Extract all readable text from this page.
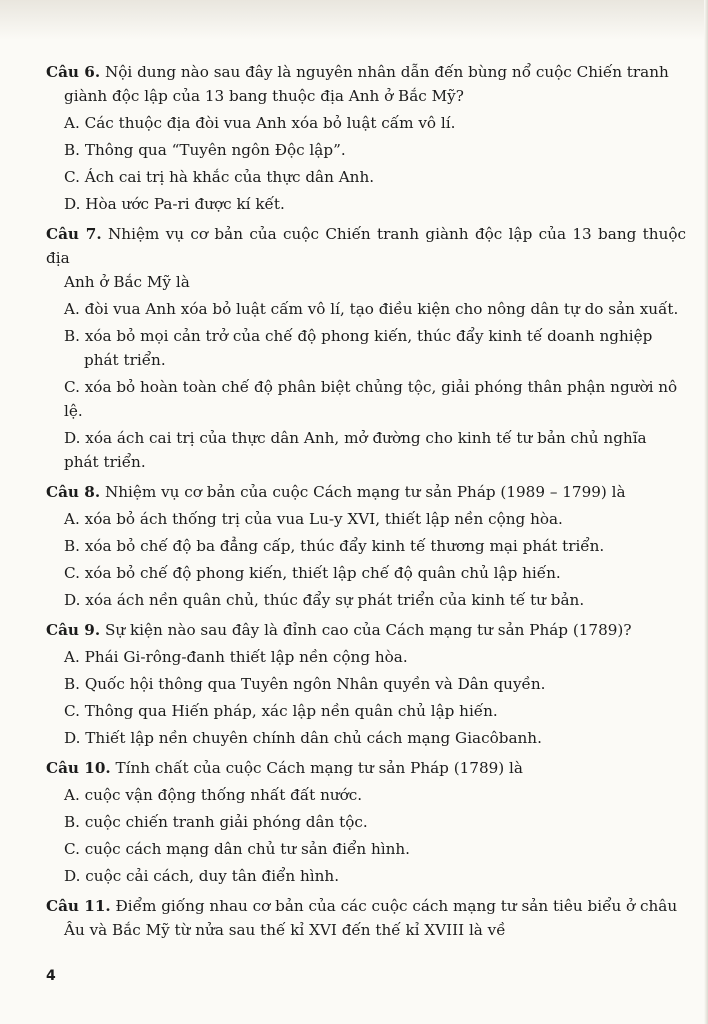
Câu 6. Nội dung nào sau đây là nguyên nhân dẫn đến bùng nổ cuộc Chiến tranh
giành độc lập của 13 bang thuộc địa Anh ở Bắc Mỹ?

A. Các thuộc địa đòi vua Anh xóa bỏ luật cấm vô lí.
B. Thông qua “Tuyên ngôn Độc lập”.
C. Ách cai trị hà khắc của thực dân Anh.
D. Hòa ước Pa-ri được kí kết.

Câu 7. Nhiệm vụ cơ bản của cuộc Chiến tranh giành độc lập của 13 bang thuộc địa
Anh ở Bắc Mỹ là

A. đòi vua Anh xóa bỏ luật cấm vô lí, tạo điều kiện cho nông dân tự do sản xuất.
B. xóa bỏ mọi cản trở của chế độ phong kiến, thúc đẩy kinh tế doanh nghiệp
phát triển.
C. xóa bỏ hoàn toàn chế độ phân biệt chủng tộc, giải phóng thân phận người nô lệ.
D. xóa ách cai trị của thực dân Anh, mở đường cho kinh tế tư bản chủ nghĩa phát triển.

Câu 8. Nhiệm vụ cơ bản của cuộc Cách mạng tư sản Pháp (1989 – 1799) là

A. xóa bỏ ách thống trị của vua Lu-y XVI, thiết lập nền cộng hòa.
B. xóa bỏ chế độ ba đẳng cấp, thúc đẩy kinh tế thương mại phát triển.
C. xóa bỏ chế độ phong kiến, thiết lập chế độ quân chủ lập hiến.
D. xóa ách nền quân chủ, thúc đẩy sự phát triển của kinh tế tư bản.

Câu 9. Sự kiện nào sau đây là đỉnh cao của Cách mạng tư sản Pháp (1789)?

A. Phái Gi-rông-đanh thiết lập nền cộng hòa.
B. Quốc hội thông qua Tuyên ngôn Nhân quyền và Dân quyền.
C. Thông qua Hiến pháp, xác lập nền quân chủ lập hiến.
D. Thiết lập nền chuyên chính dân chủ cách mạng Giacôbanh.

Câu 10. Tính chất của cuộc Cách mạng tư sản Pháp (1789) là

A. cuộc vận động thống nhất đất nước.
B. cuộc chiến tranh giải phóng dân tộc.
C. cuộc cách mạng dân chủ tư sản điển hình.
D. cuộc cải cách, duy tân điển hình.

Câu 11. Điểm giống nhau cơ bản của các cuộc cách mạng tư sản tiêu biểu ở châu
Âu và Bắc Mỹ từ nửa sau thế kỉ XVI đến thế kỉ XVIII là về

4
